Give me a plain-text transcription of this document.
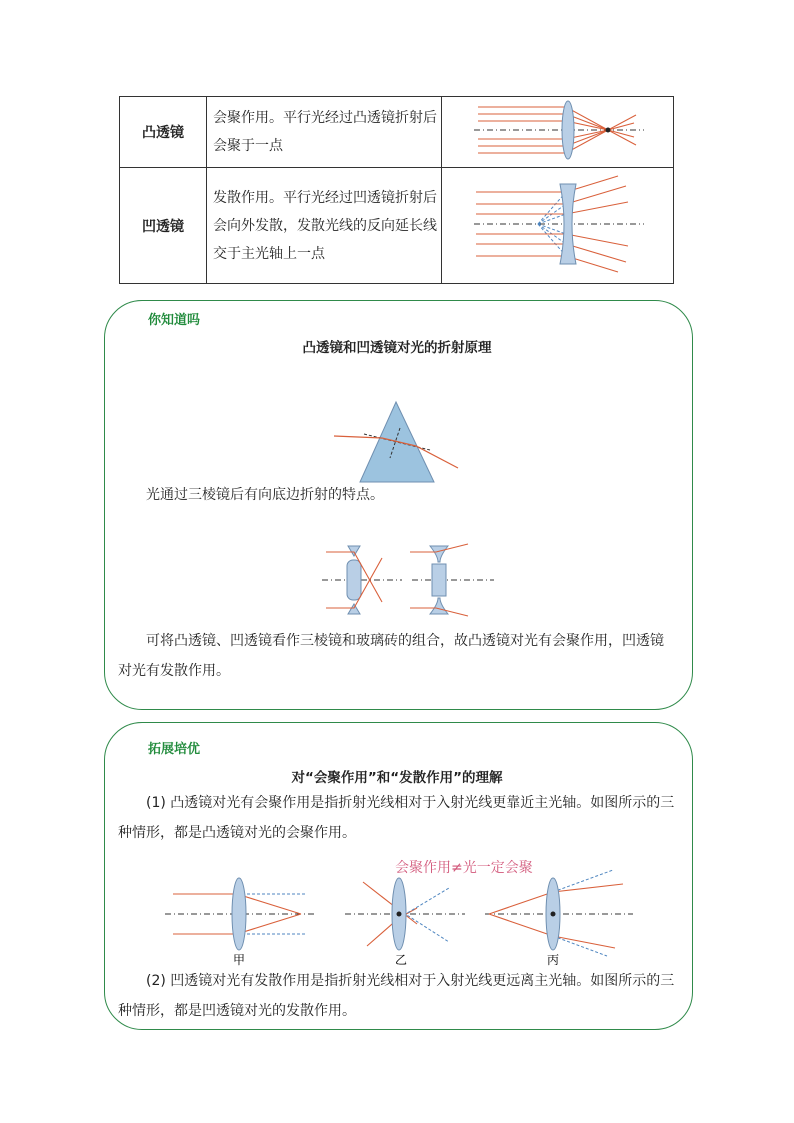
凸透镜	会聚作用。平行光经过凸透镜折射后会聚于一点	
凹透镜	发散作用。平行光经过凹透镜折射后会向外发散，发散光线的反向延长线交于主光轴上一点	
你知道吗
凸透镜和凹透镜对光的折射原理
光通过三棱镜后有向底边折射的特点。
可将凸透镜、凹透镜看作三棱镜和玻璃砖的组合，故凸透镜对光有会聚作用，凹透镜对光有发散作用。
拓展培优
对“会聚作用”和“发散作用”的理解
(1) 凸透镜对光有会聚作用是指折射光线相对于入射光线更靠近主光轴。如图所示的三种情形，都是凸透镜对光的会聚作用。
会聚作用≠光一定会聚
甲	乙	丙
(2) 凹透镜对光有发散作用是指折射光线相对于入射光线更远离主光轴。如图所示的三种情形，都是凹透镜对光的发散作用。
